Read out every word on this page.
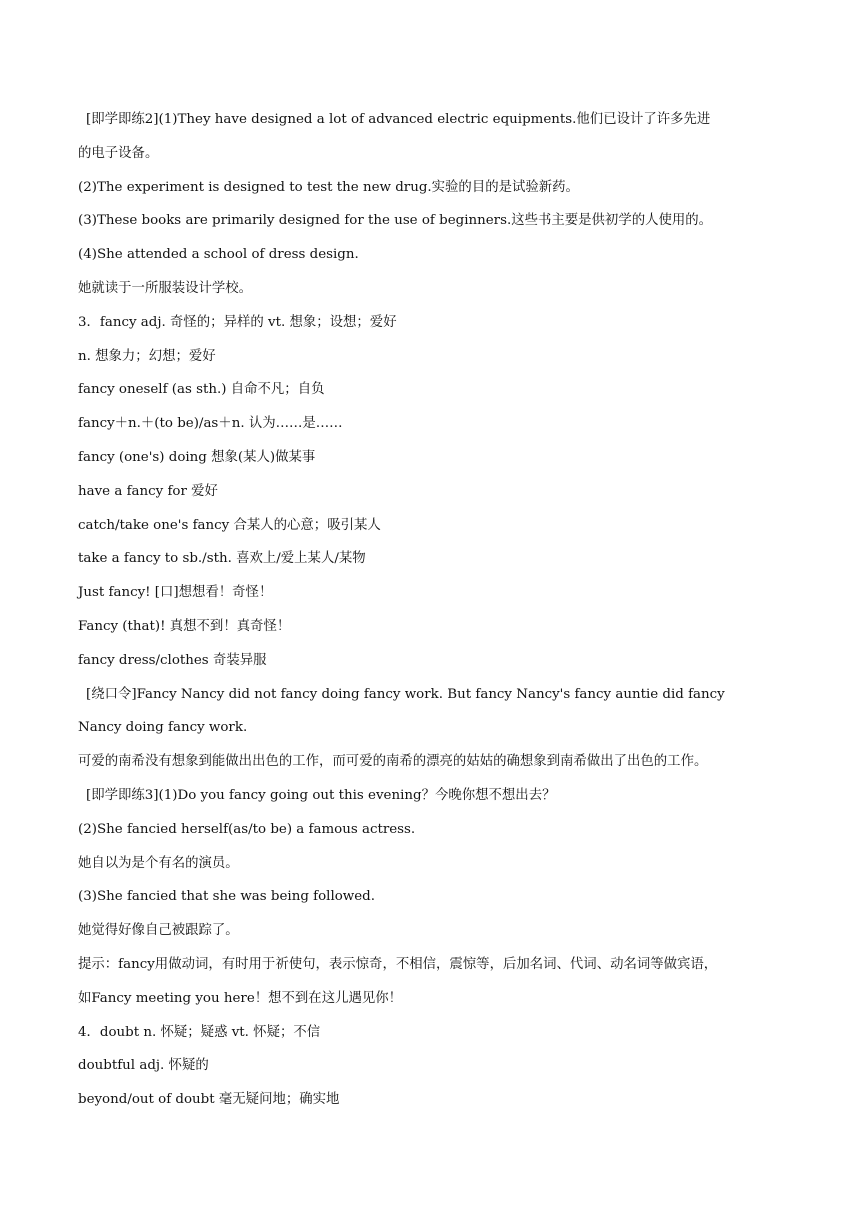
[即学即练2](1)They have designed a lot of advanced electric equipments.他们已设计了许多先进
的电子设备。
(2)The experiment is designed to test the new drug.实验的目的是试验新药。
(3)These books are primarily designed for the use of beginners.这些书主要是供初学的人使用的。
(4)She attended a school of dress design.
她就读于一所服装设计学校。
3．fancy adj. 奇怪的；异样的 vt. 想象；设想；爱好
n. 想象力；幻想；爱好
fancy oneself (as sth.) 自命不凡；自负
fancy＋n.＋(to be)/as＋n. 认为……是……
fancy (one's) doing 想象(某人)做某事
have a fancy for 爱好
catch/take one's fancy 合某人的心意；吸引某人
take a fancy to sb./sth. 喜欢上/爱上某人/某物
Just fancy! [口]想想看！奇怪！
Fancy (that)! 真想不到！真奇怪！
fancy dress/clothes 奇装异服
[绕口令]Fancy Nancy did not fancy doing fancy work. But fancy Nancy's fancy auntie did fancy
Nancy doing fancy work.
可爱的南希没有想象到能做出出色的工作，而可爱的南希的漂亮的姑姑的确想象到南希做出了出色的工作。
[即学即练3](1)Do you fancy going out this evening？今晚你想不想出去？
(2)She fancied herself(as/to be) a famous actress.
她自以为是个有名的演员。
(3)She fancied that she was being followed.
她觉得好像自己被跟踪了。
提示：fancy用做动词，有时用于祈使句，表示惊奇，不相信，震惊等，后加名词、代词、动名词等做宾语，
如Fancy meeting you here！想不到在这儿遇见你！
4．doubt n. 怀疑；疑惑 vt. 怀疑；不信
doubtful adj. 怀疑的
beyond/out of doubt 毫无疑问地；确实地
